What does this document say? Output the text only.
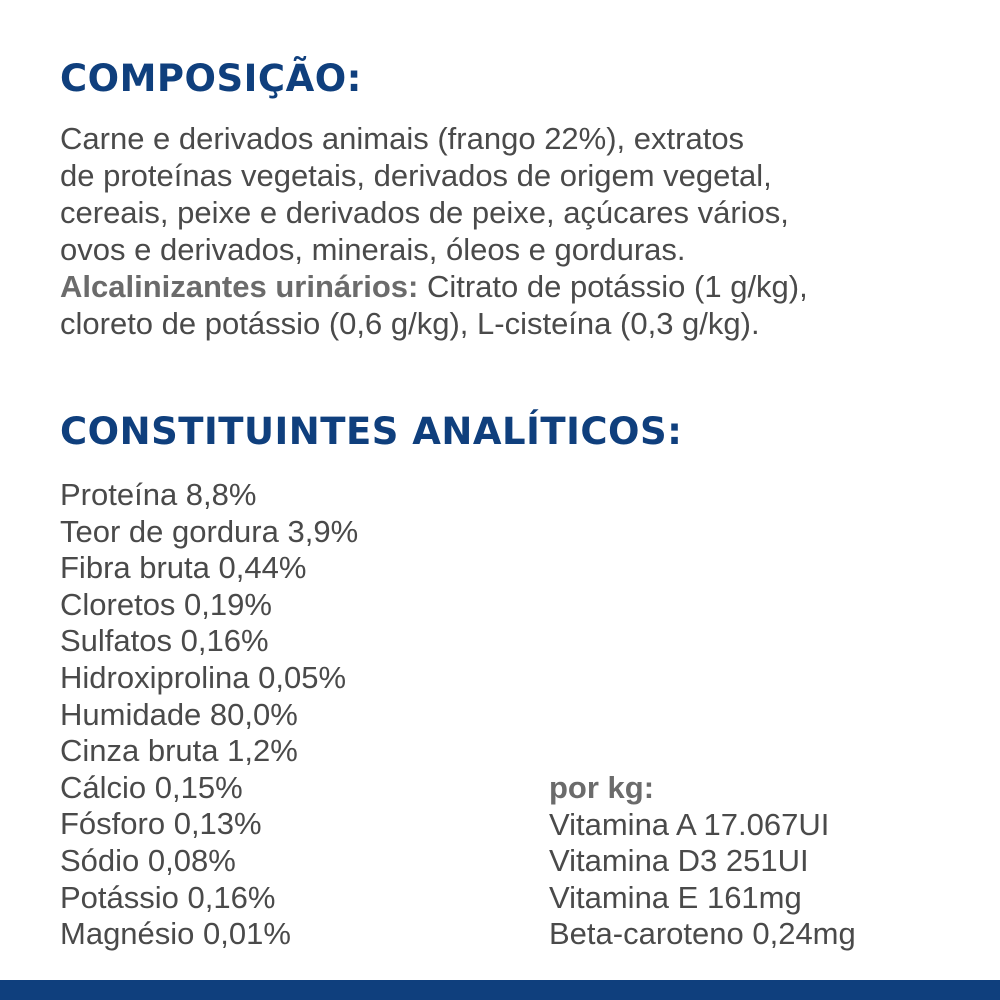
COMPOSIÇÃO:

Carne e derivados animais (frango 22%), extratos
de proteínas vegetais, derivados de origem vegetal,
cereais, peixe e derivados de peixe, açúcares vários,
ovos e derivados, minerais, óleos e gorduras.
Alcalinizantes urinários: Citrato de potássio (1 g/kg),
cloreto de potássio (0,6 g/kg), L-cisteína (0,3 g/kg).

CONSTITUINTES ANALÍTICOS:
Proteína 8,8%
Teor de gordura 3,9%
Fibra bruta 0,44%
Cloretos 0,19%
Sulfatos 0,16%
Hidroxiprolina 0,05%
Humidade 80,0%
Cinza bruta 1,2%
Cálcio 0,15%
Fósforo 0,13%
Sódio 0,08%
Potássio 0,16%
Magnésio 0,01%
por kg:
Vitamina A 17.067UI
Vitamina D3 251UI
Vitamina E 161mg
Beta-caroteno 0,24mg
